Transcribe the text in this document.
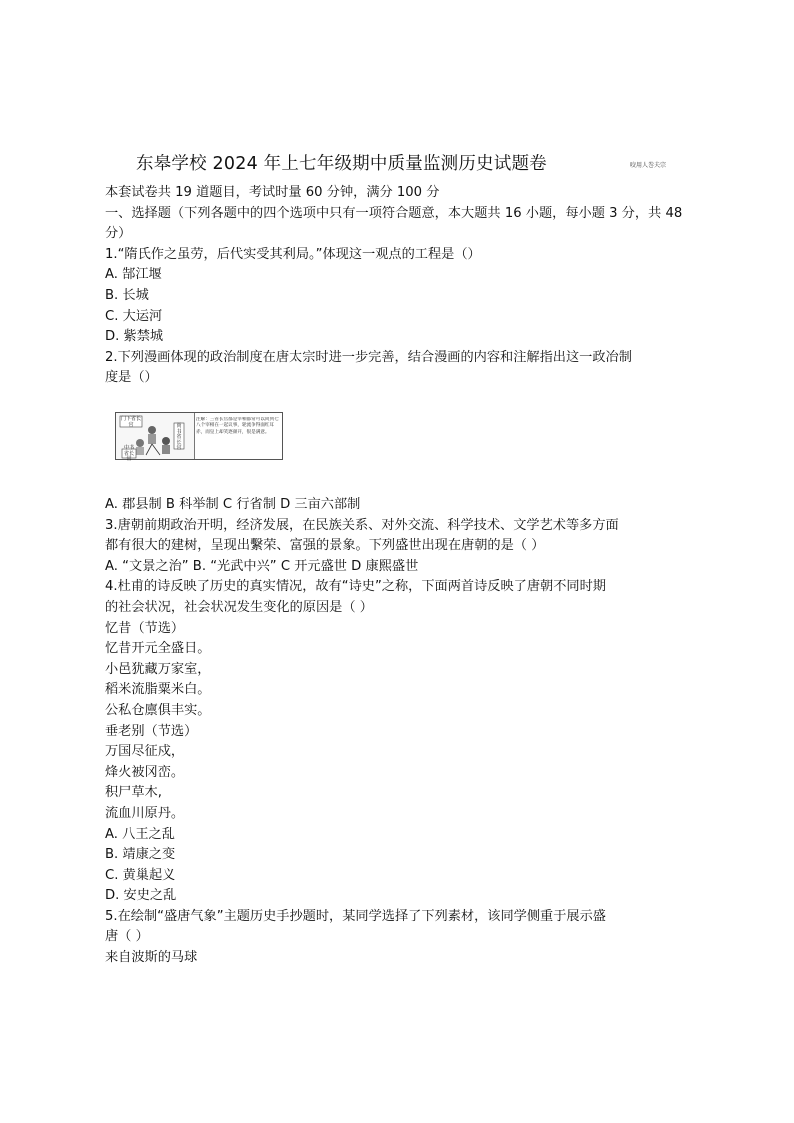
东皋学校 2024 年上七年级期中质量监测历史试题卷	咬用人巻夫宗
本套试卷共 19 道题目，考试时量 60 分钟，满分 100 分
一、选择题（下列各题中的四个选项中只有一项符合题意，本大题共 16 小题，每小题 3 分，共 48
分）
1.“隋氏作之虽劳，后代实受其利局。”体现这一观点的工程是（）
A. 郜江堰
B. 长城
C. 大运河
D. 紫禁城
2.下列漫画体现的政治制度在唐太宗时进一步完善，结合漫画的内容和注解指出这一政冶制
度是（）
门下省长官	尚书省长官
中书省长官
注解：三省长官都是宰相都常可以同到七八个宰相在一起议事，轮流争得面红耳赤，而皇上却笑逐颜开，很是满意。
A. 郡县制 B 科举制 C 行省制 D 三亩六部制
3.唐朝前期政治开明，经济发展，在民族关系、对外交流、科学技术、文学艺术等多方面
都有很大的建树，呈现出繫荣、富强的景象。下列盛世出现在唐朝的是（ ）
A. “文景之治” B. “光武中兴” C 开元盛世 D 康熙盛世
4.杜甫的诗反映了历史的真实情况，故有“诗史”之称，下面两首诗反映了唐朝不同时期
的社会状况，社会状况发生变化的原因是（ ）
忆昔（节选）
忆昔开元全盛日。
小邑犹藏万家室，
稻米流脂粟米白。
公私仓廪俱丰实。
垂老别（节选）
万国尽征戍，
烽火被冈峦。
积尸草木,
流血川原丹。
A. 八王之乱
B. 靖康之变
C. 黄巢起义
D. 安史之乱
5.在绘制“盛唐气象”主题历史手抄题时，某同学选择了下列素材，该同学侧重于展示盛
唐（ ）
来自波斯的马球
